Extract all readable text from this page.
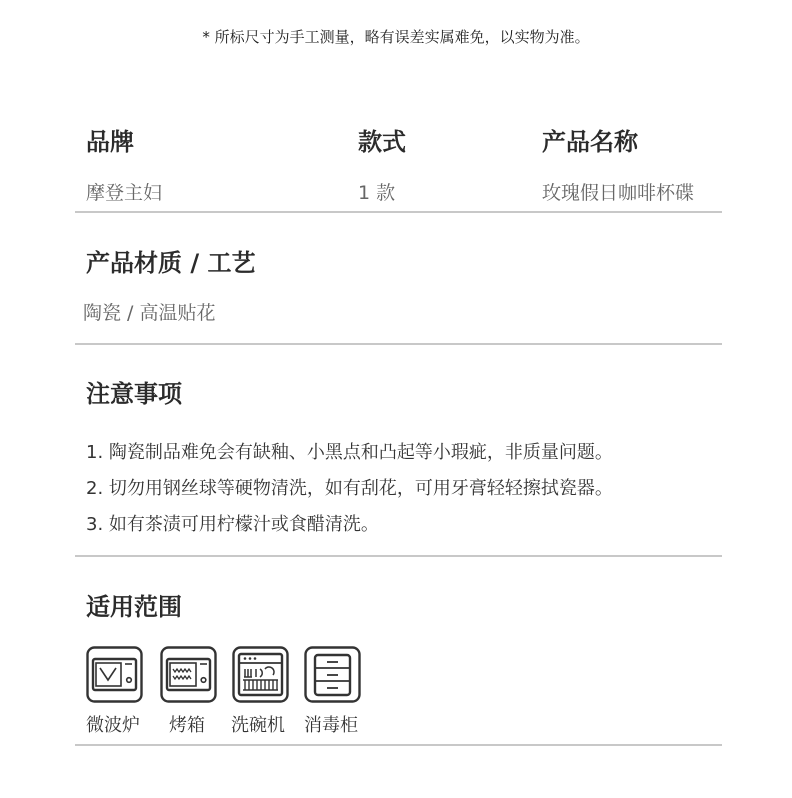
* 所标尺寸为手工测量，略有误差实属难免，以实物为准。
品牌
摩登主妇
款式
1 款
产品名称
玫瑰假日咖啡杯碟
产品材质 / 工艺
陶瓷 / 高温贴花
注意事项
1. 陶瓷制品难免会有缺釉、小黑点和凸起等小瑕疵，非质量问题。
2. 切勿用钢丝球等硬物清洗，如有刮花，可用牙膏轻轻擦拭瓷器。
3. 如有茶渍可用柠檬汁或食醋清洗。
适用范围
微波炉 烤箱 洗碗机 消毒柜
